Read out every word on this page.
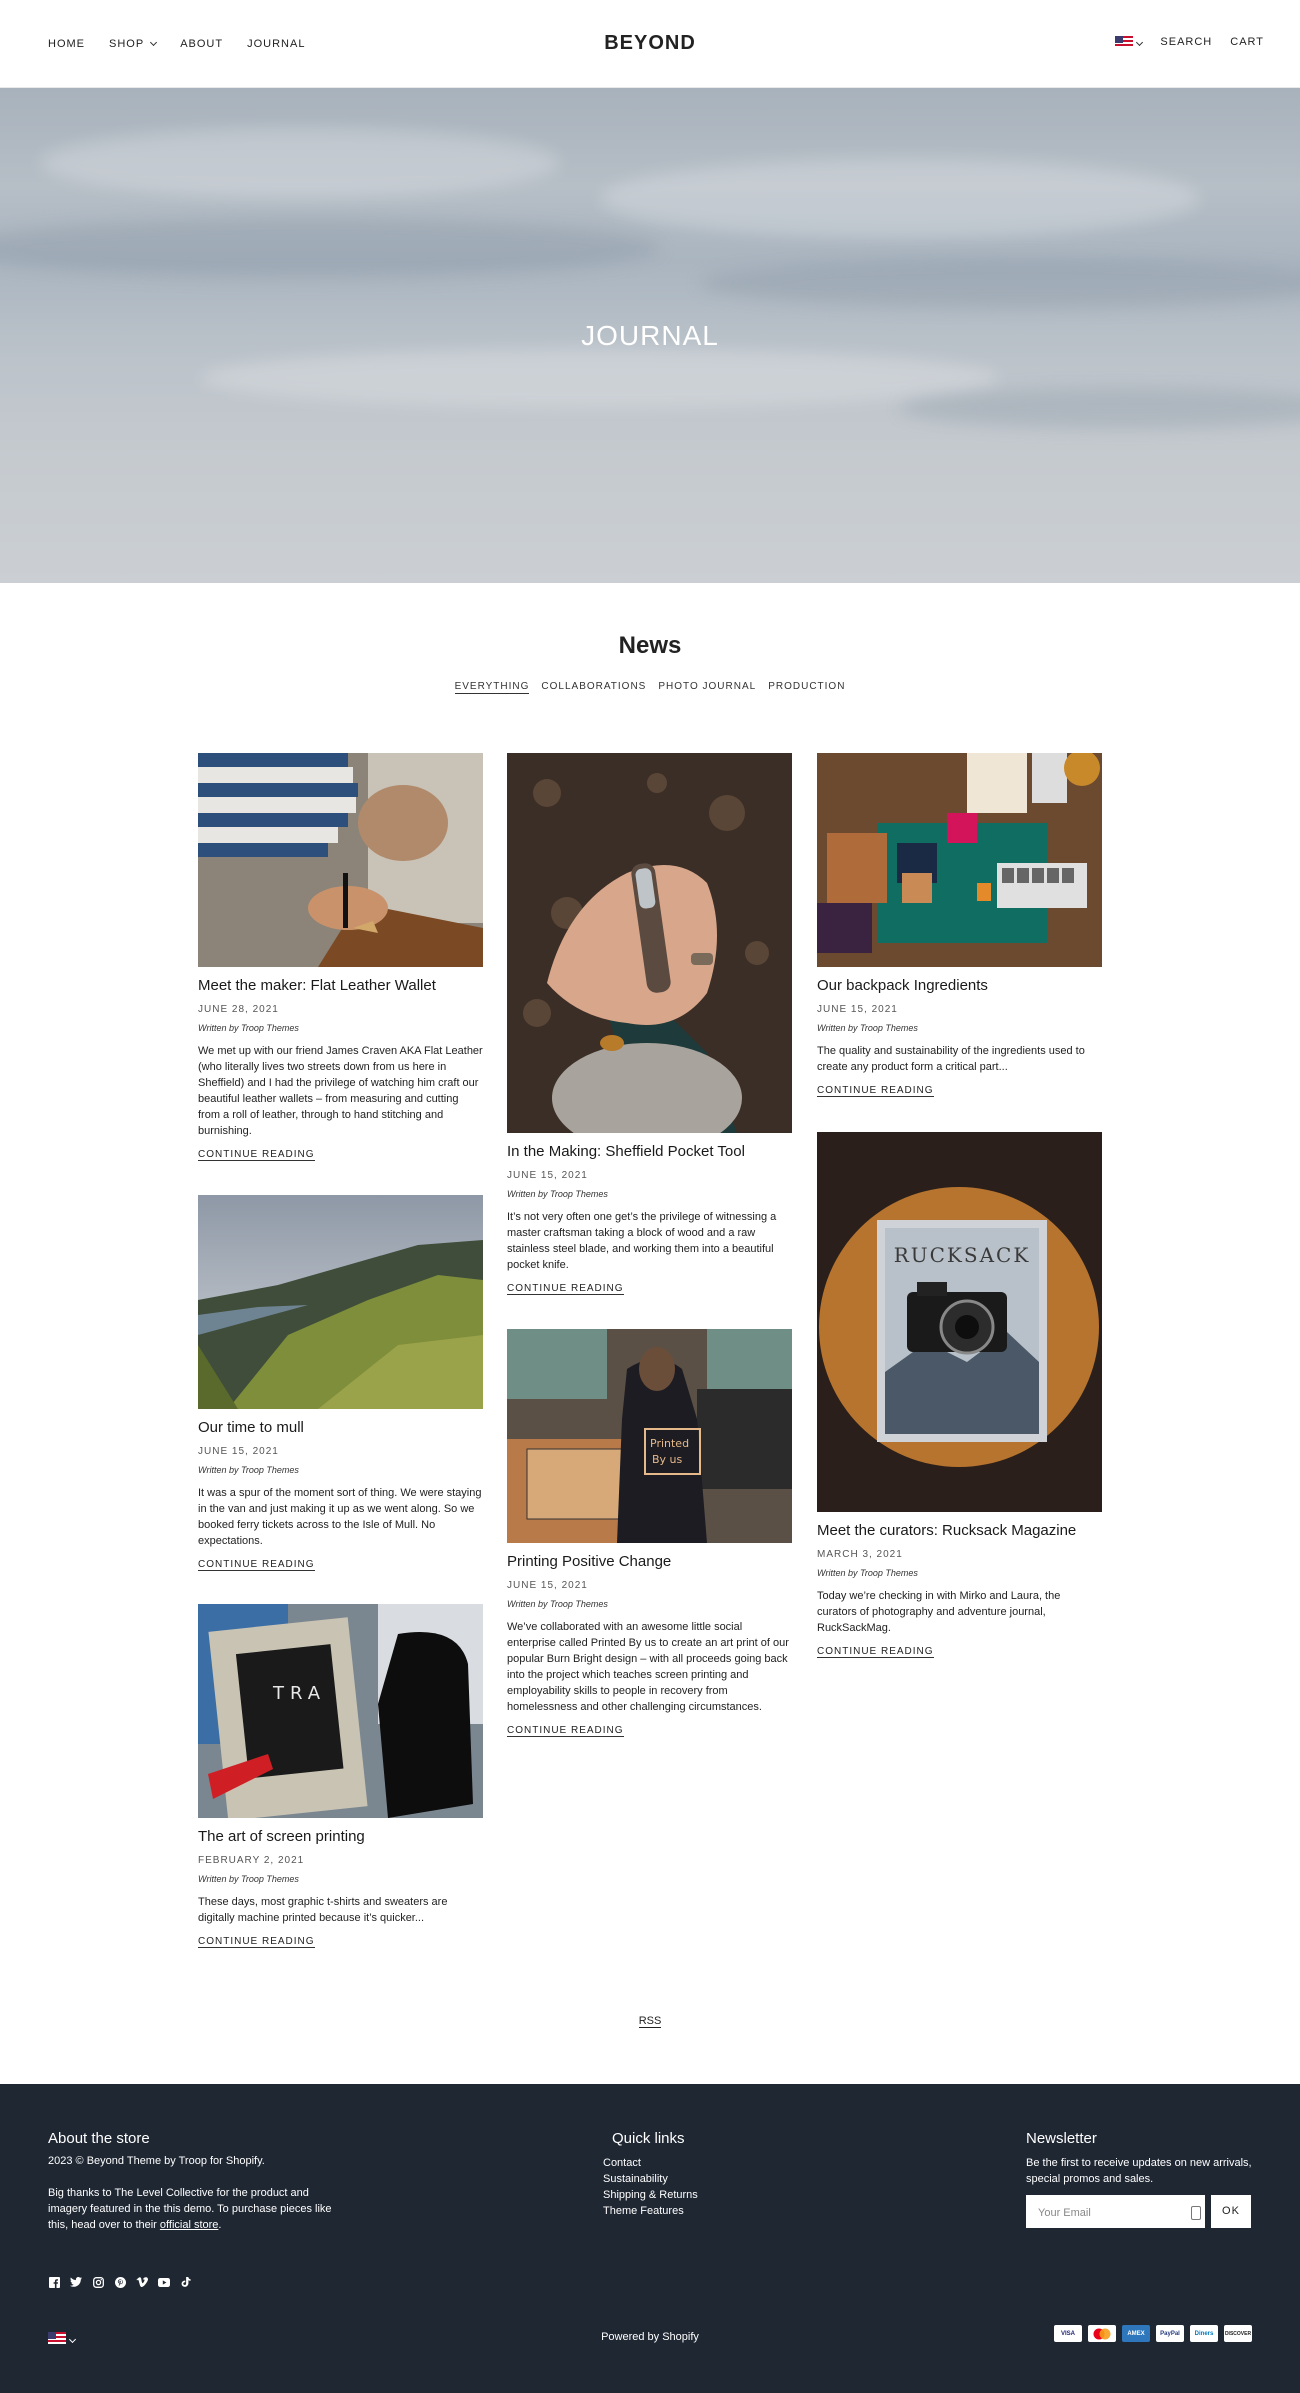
HOME SHOP	ABOUT JOURNAL	BEYOND	SEARCH CART
JOURNAL
News
EVERYTHING COLLABORATIONS PHOTO JOURNAL PRODUCTION
Meet the maker: Flat Leather Wallet
JUNE 28, 2021
Written by Troop Themes

We met up with our friend James Craven AKA Flat Leather (who literally lives two streets down from us here in Sheffield) and I had the privilege of watching him craft our beautiful leather wallets – from measuring and cutting from a roll of leather, through to hand stitching and burnishing.

CONTINUE READING
Our time to mull
JUNE 15, 2021
Written by Troop Themes

It was a spur of the moment sort of thing. We were staying in the van and just making it up as we went along. So we booked ferry tickets across to the Isle of Mull. No expectations.

CONTINUE READING
TRA
The art of screen printing
FEBRUARY 2, 2021
Written by Troop Themes

These days, most graphic t-shirts and sweaters are digitally machine printed because it’s quicker...

CONTINUE READING
In the Making: Sheffield Pocket Tool
JUNE 15, 2021
Written by Troop Themes

It’s not very often one get’s the privilege of witnessing a master craftsman taking a block of wood and a raw stainless steel blade, and working them into a beautiful pocket knife.

CONTINUE READING
Printed
By us
Printing Positive Change
JUNE 15, 2021
Written by Troop Themes

We’ve collaborated with an awesome little social enterprise called Printed By us to create an art print of our popular Burn Bright design – with all proceeds going back into the project which teaches screen printing and employability skills to people in recovery from homelessness and other challenging circumstances.

CONTINUE READING
Our backpack Ingredients
JUNE 15, 2021
Written by Troop Themes

The quality and sustainability of the ingredients used to create any product form a critical part...

CONTINUE READING
RUCKSACK
Meet the curators: Rucksack Magazine
MARCH 3, 2021
Written by Troop Themes

Today we’re checking in with Mirko and Laura, the curators of photography and adventure journal, RuckSackMag.

CONTINUE READING
RSS
About the store

2023 © Beyond Theme by Troop for Shopify.

Big thanks to The Level Collective for the product and imagery featured in the this demo. To purchase pieces like this, head over to their official store.

Quick links
Contact
Sustainability
Shipping & Returns
Theme Features
Newsletter

Be the first to receive updates on new arrivals, special promos and sales.

Your Email	OK
Powered by Shopify	VISA	AMEX	PayPal	Diners	DISCOVER
